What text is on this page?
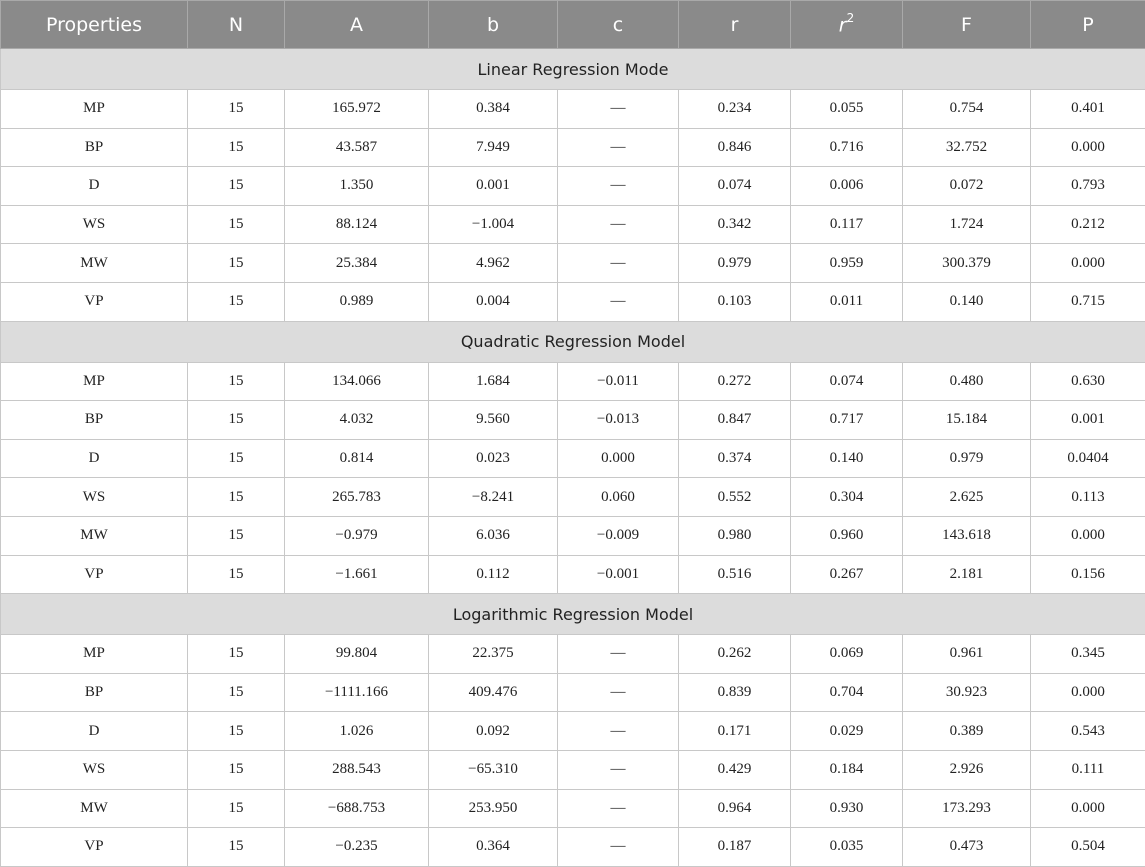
Properties	N	A	b	c	r	$r^2$	F	P
Linear Regression Mode								
MP	15	165.972	0.384	—	0.234	0.055	0.754	0.401
BP	15	43.587	7.949	—	0.846	0.716	32.752	0.000
D	15	1.350	0.001	—	0.074	0.006	0.072	0.793
WS	15	88.124	−1.004	—	0.342	0.117	1.724	0.212
MW	15	25.384	4.962	—	0.979	0.959	300.379	0.000
VP	15	0.989	0.004	—	0.103	0.011	0.140	0.715
Quadratic Regression Model								
MP	15	134.066	1.684	−0.011	0.272	0.074	0.480	0.630
BP	15	4.032	9.560	−0.013	0.847	0.717	15.184	0.001
D	15	0.814	0.023	0.000	0.374	0.140	0.979	0.0404
WS	15	265.783	−8.241	0.060	0.552	0.304	2.625	0.113
MW	15	−0.979	6.036	−0.009	0.980	0.960	143.618	0.000
VP	15	−1.661	0.112	−0.001	0.516	0.267	2.181	0.156
Logarithmic Regression Model								
MP	15	99.804	22.375	—	0.262	0.069	0.961	0.345
BP	15	−1111.166	409.476	—	0.839	0.704	30.923	0.000
D	15	1.026	0.092	—	0.171	0.029	0.389	0.543
WS	15	288.543	−65.310	—	0.429	0.184	2.926	0.111
MW	15	−688.753	253.950	—	0.964	0.930	173.293	0.000
VP	15	−0.235	0.364	—	0.187	0.035	0.473	0.504
